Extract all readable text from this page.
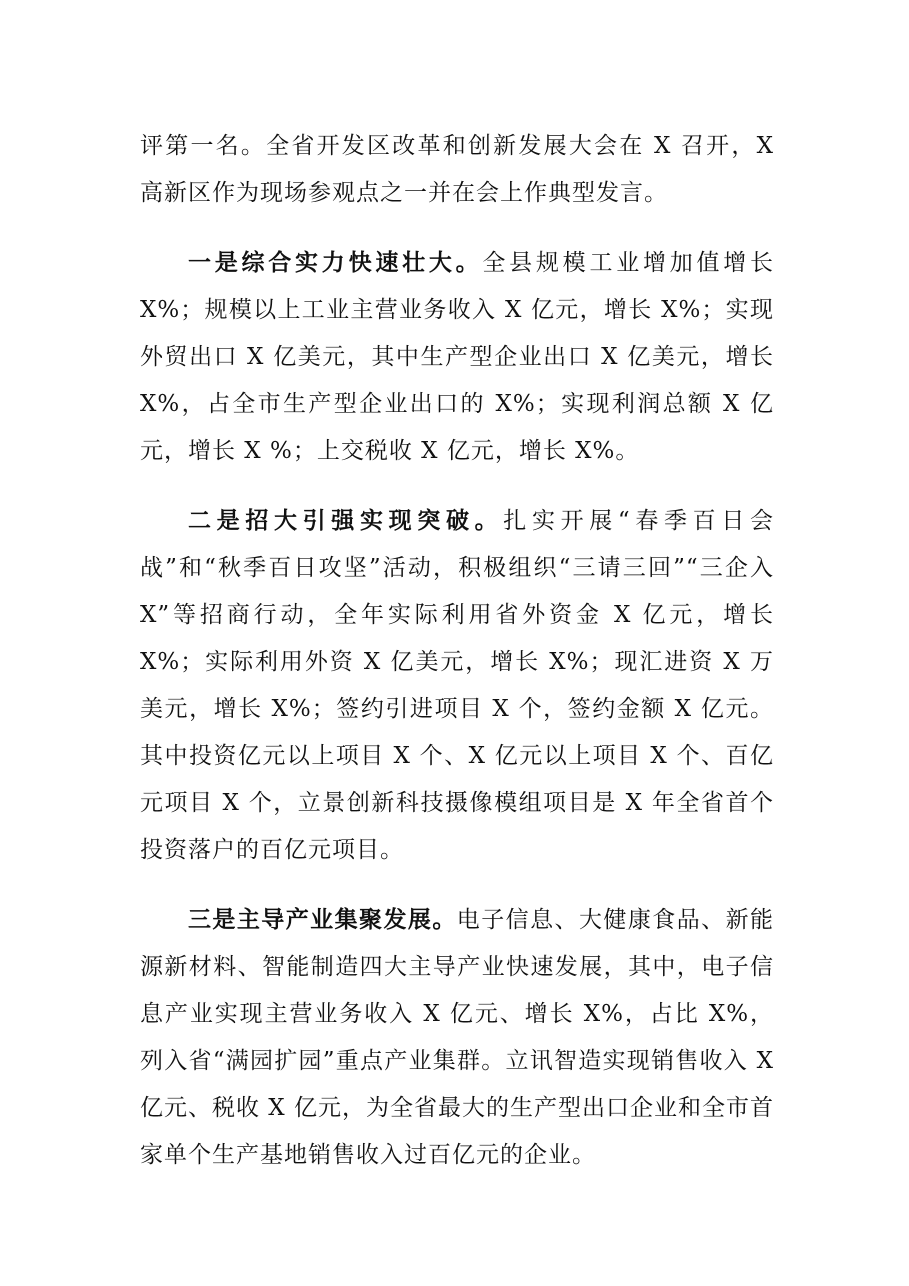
评第一名。全省开发区改革和创新发展大会在 X 召开，X 高新区作为现场参观点之一并在会上作典型发言。

一是综合实力快速壮大。全县规模工业增加值增长 X%；规模以上工业主营业务收入 X 亿元，增长 X%；实现外贸出口 X 亿美元，其中生产型企业出口 X 亿美元，增长 X%，占全市生产型企业出口的 X%；实现利润总额 X 亿元，增长 X %；上交税收 X 亿元，增长 X%。

二是招大引强实现突破。扎实开展“春季百日会战”和“秋季百日攻坚”活动，积极组织“三请三回”“三企入 X”等招商行动，全年实际利用省外资金 X 亿元，增长 X%；实际利用外资 X 亿美元，增长 X%；现汇进资 X 万美元，增长 X%；签约引进项目 X 个，签约金额 X 亿元。其中投资亿元以上项目 X 个、X 亿元以上项目 X 个、百亿元项目 X 个，立景创新科技摄像模组项目是 X 年全省首个投资落户的百亿元项目。

三是主导产业集聚发展。电子信息、大健康食品、新能源新材料、智能制造四大主导产业快速发展，其中，电子信息产业实现主营业务收入 X 亿元、增长 X%，占比 X%，列入省“满园扩园”重点产业集群。立讯智造实现销售收入 X 亿元、税收 X 亿元，为全省最大的生产型出口企业和全市首家单个生产基地销售收入过百亿元的企业。
